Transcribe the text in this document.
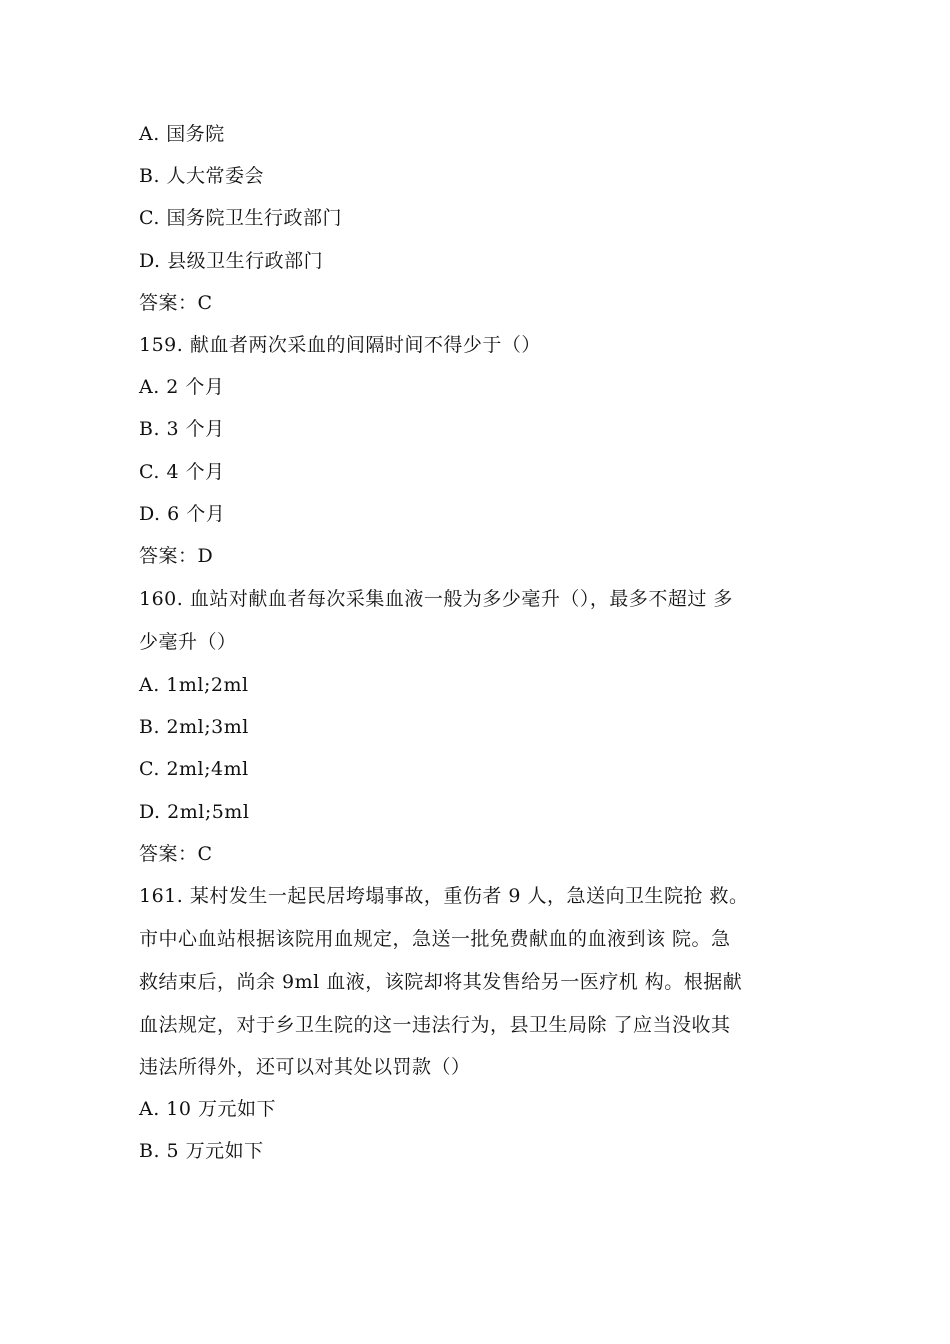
A. 国务院
B. 人大常委会
C. 国务院卫生行政部门
D. 县级卫生行政部门
答案：C
159. 献血者两次采血的间隔时间不得少于（）
A. 2 个月
B. 3 个月
C. 4 个月
D. 6 个月
答案：D
160. 血站对献血者每次采集血液一般为多少毫升（），最多不超过 多
少毫升（）
A. 1ml;2ml
B. 2ml;3ml
C. 2ml;4ml
D. 2ml;5ml
答案：C
161. 某村发生一起民居垮塌事故，重伤者 9 人，急送向卫生院抢 救。
市中心血站根据该院用血规定，急送一批免费献血的血液到该 院。急
救结束后，尚余 9ml 血液，该院却将其发售给另一医疗机 构。根据献
血法规定，对于乡卫生院的这一违法行为，县卫生局除 了应当没收其
违法所得外，还可以对其处以罚款（）
A. 10 万元如下
B. 5 万元如下
